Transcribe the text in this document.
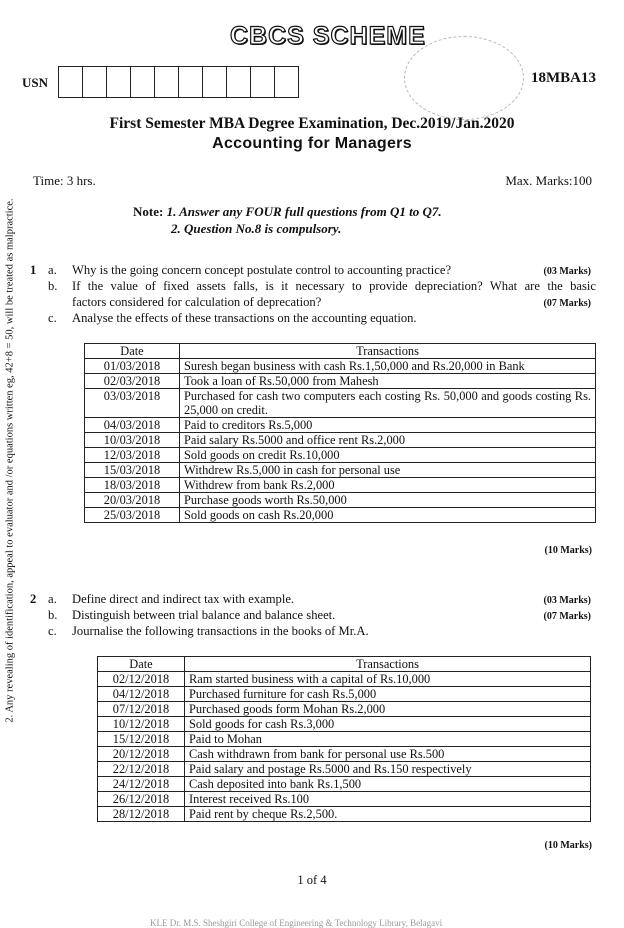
CBCS SCHEME
USN	18MBA13
First Semester MBA Degree Examination, Dec.2019/Jan.2020
Accounting for Managers
Time: 3 hrs.	Max. Marks:100
Note: 1. Answer any FOUR full questions from Q1 to Q7.
2. Question No.8 is compulsory.
2. Any revealing of identification, appeal to evaluator and /or equations written eg, 42+8 = 50, will be treated as malpractice. 1 a. Why is the going concern concept postulate control to accounting practice?	(03 Marks)
b. If the value of fixed assets falls, is it necessary to provide depreciation? What are the basic
factors considered for calculation of deprecation?	(07 Marks)
c. Analyse the effects of these transactions on the accounting equation.
Date	Transactions
01/03/2018	Suresh began business with cash Rs.1,50,000 and Rs.20,000 in Bank
02/03/2018	Took a loan of Rs.50,000 from Mahesh
03/03/2018	Purchased for cash two computers each costing Rs. 50,000 and goods costing Rs. 25,000 on credit.
04/03/2018	Paid to creditors Rs.5,000
10/03/2018	Paid salary Rs.5000 and office rent Rs.2,000
12/03/2018	Sold goods on credit Rs.10,000
15/03/2018	Withdrew Rs.5,000 in cash for personal use
18/03/2018	Withdrew from bank Rs.2,000
20/03/2018	Purchase goods worth Rs.50,000
25/03/2018	Sold goods on cash Rs.20,000
(10 Marks)
2 a. Define direct and indirect tax with example.	(03 Marks)
b. Distinguish between trial balance and balance sheet.	(07 Marks)
c. Journalise the following transactions in the books of Mr.A.
Date	Transactions
02/12/2018	Ram started business with a capital of Rs.10,000
04/12/2018	Purchased furniture for cash Rs.5,000
07/12/2018	Purchased goods form Mohan Rs.2,000
10/12/2018	Sold goods for cash Rs.3,000
15/12/2018	Paid to Mohan
20/12/2018	Cash withdrawn from bank for personal use Rs.500
22/12/2018	Paid salary and postage Rs.5000 and Rs.150 respectively
24/12/2018	Cash deposited into bank Rs.1,500
26/12/2018	Interest received Rs.100
28/12/2018	Paid rent by cheque Rs.2,500.
(10 Marks)
1 of 4
KLE Dr. M.S. Sheshgiri College of Engineering & Technology Library, Belagavi
